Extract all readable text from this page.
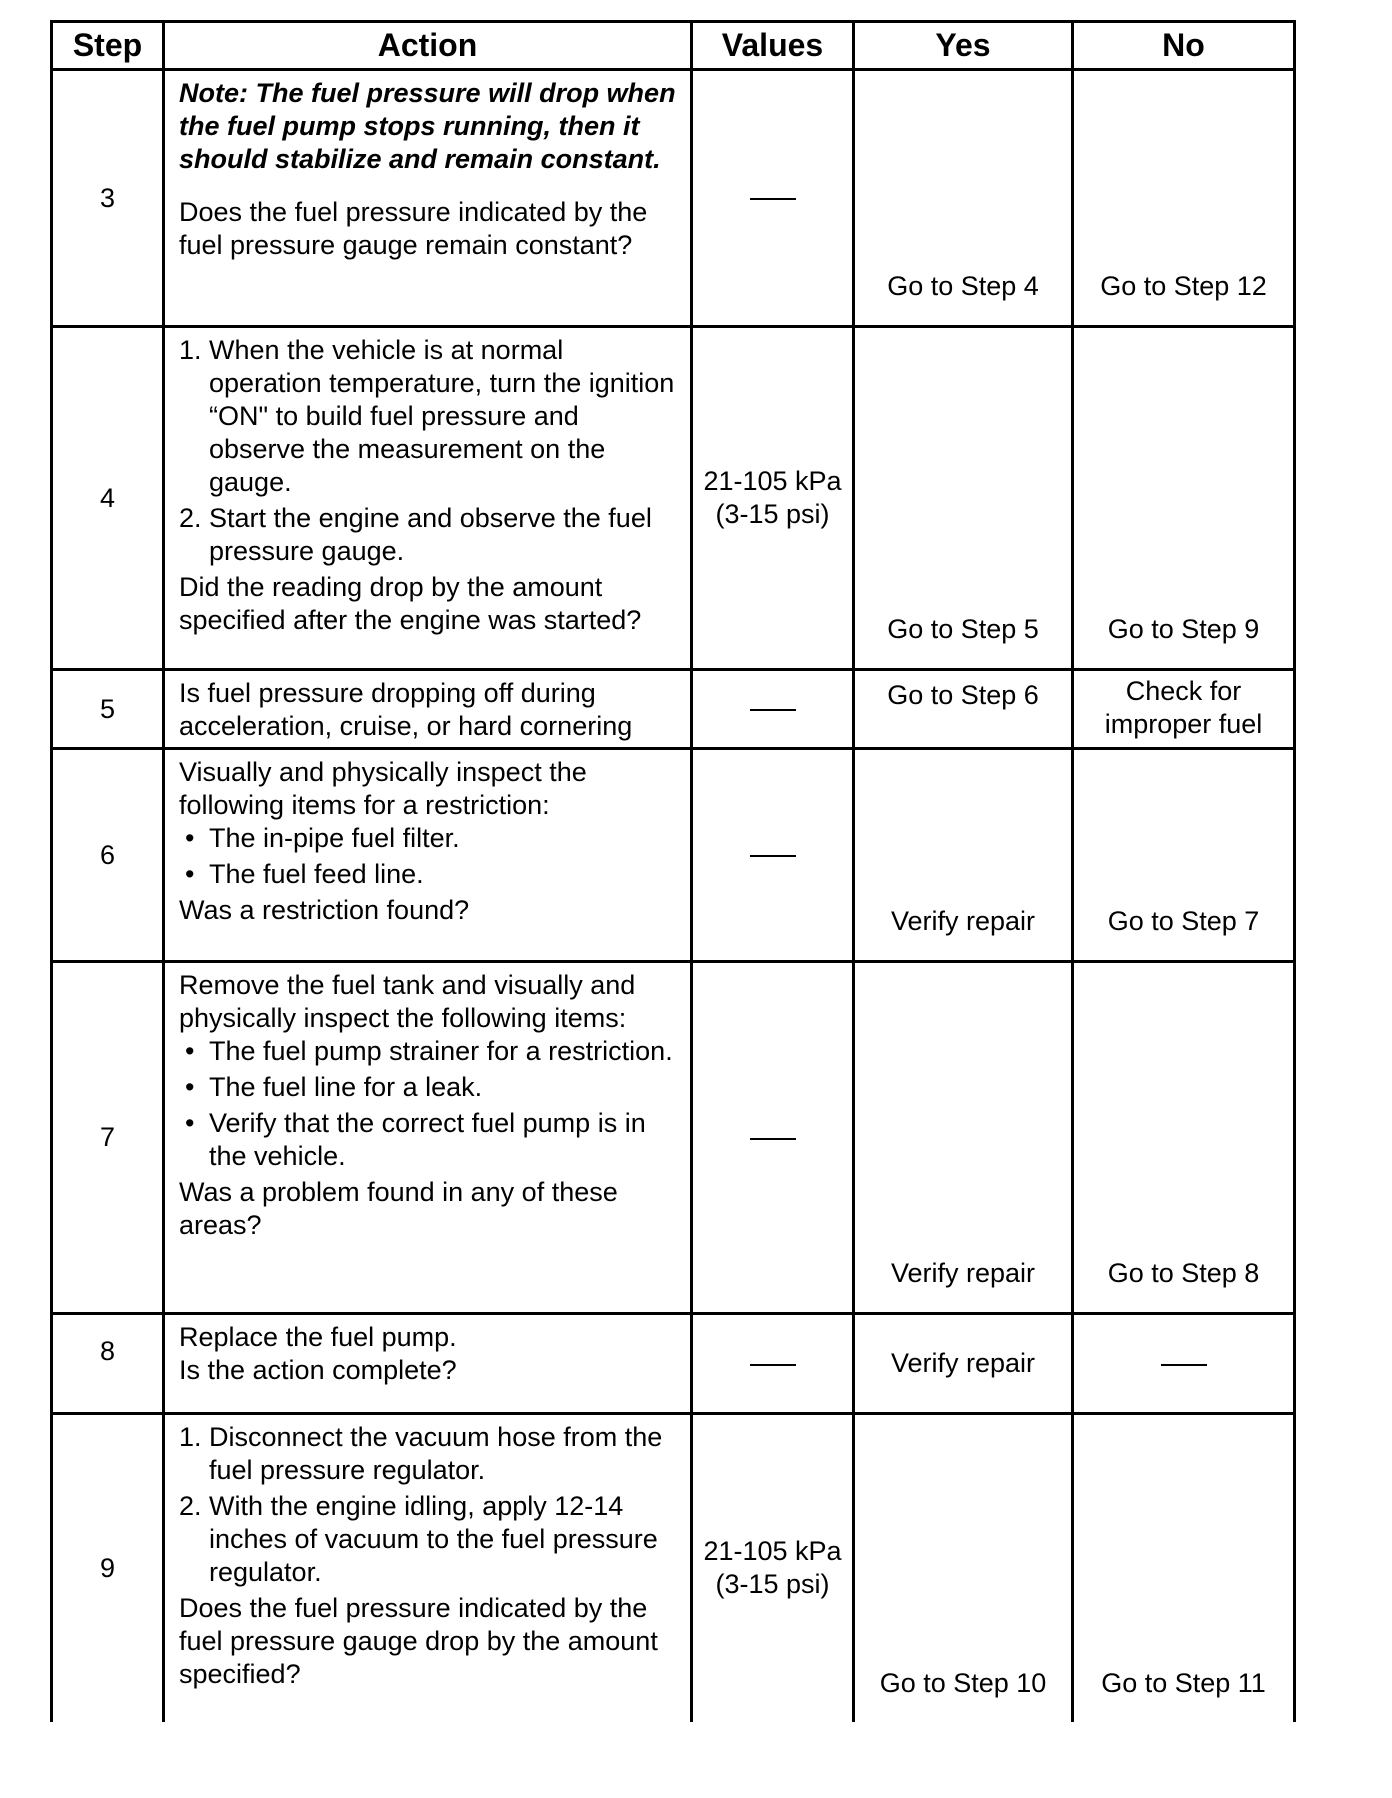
Step	Action	Values	Yes	No
3	Note: The fuel pressure will drop when the fuel pump stops running, then it should stabilize and remain constant.
Does the fuel pressure indicated by the fuel pressure gauge remain constant?		Go to Step 4	Go to Step 12
4	1. When the vehicle is at normal operation temperature, turn the ignition “ON" to build fuel pressure and observe the measurement on the gauge.
2. Start the engine and observe the fuel pressure gauge.
Did the reading drop by the amount specified after the engine was started?	21-105 kPa (3-15 psi)	Go to Step 5	Go to Step 9
5	Is fuel pressure dropping off during acceleration, cruise, or hard cornering		Go to Step 6	Check for improper fuel
6	Visually and physically inspect the following items for a restriction:
• The in-pipe fuel filter.
• The fuel feed line.
Was a restriction found?		Verify repair	Go to Step 7
7	Remove the fuel tank and visually and physically inspect the following items:
• The fuel pump strainer for a restriction.
• The fuel line for a leak.
• Verify that the correct fuel pump is in the vehicle.
Was a problem found in any of these areas?		Verify repair	Go to Step 8
8	Replace the fuel pump.
Is the action complete?		Verify repair	
9	1. Disconnect the vacuum hose from the fuel pressure regulator.
2. With the engine idling, apply 12-14 inches of vacuum to the fuel pressure regulator.
Does the fuel pressure indicated by the fuel pressure gauge drop by the amount specified?	21-105 kPa (3-15 psi)	Go to Step 10	Go to Step 11
